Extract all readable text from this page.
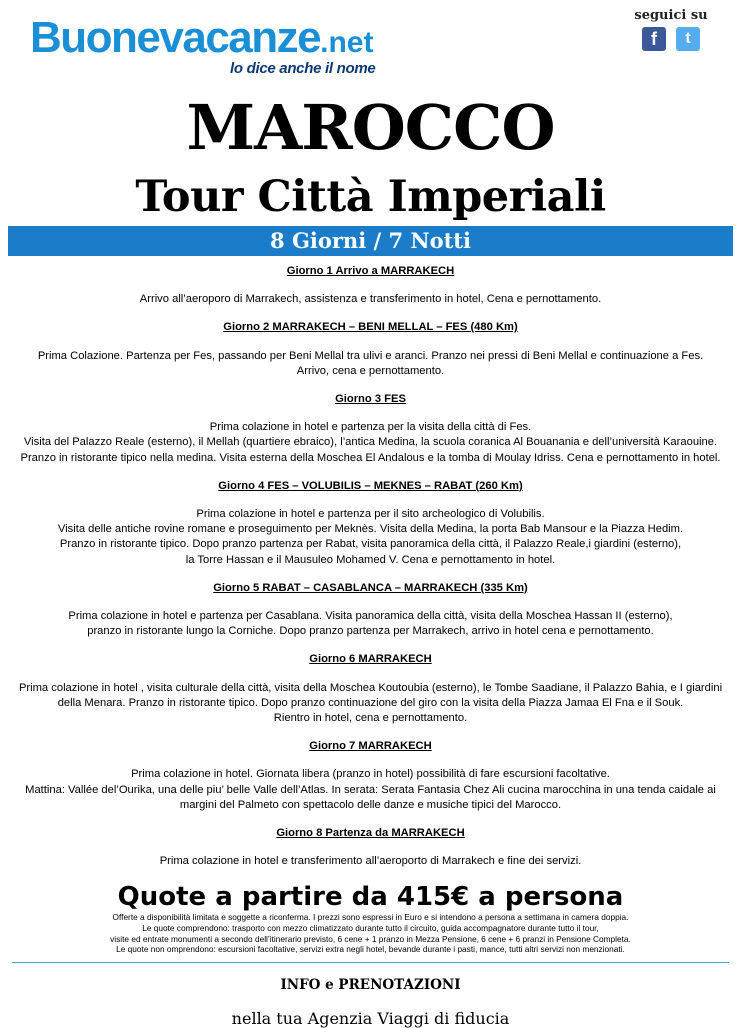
Buonevacanze.net
lo dice anche il nome
seguici su
f	t
MAROCCO
Tour Città Imperiali
8 Giorni / 7 Notti
Giorno 1 Arrivo a MARRAKECH
Arrivo all’aeroporo di Marrakech, assistenza e transferimento in hotel, Cena e pernottamento.
Giorno 2 MARRAKECH – BENI MELLAL – FES (480 Km)
Prima Colazione. Partenza per Fes, passando per Beni Mellal tra ulivi e aranci. Pranzo nei pressi di Beni Mellal e continuazione a Fes.
Arrivo, cena e pernottamento.
Giorno 3 FES
Prima colazione in hotel e partenza per la visita della città di Fes.
Visita del Palazzo Reale (esterno), il Mellah (quartiere ebraico), l’antica Medina, la scuola coranica Al Bouanania e dell’università Karaouine.
Pranzo in ristorante tipico nella medina. Visita esterna della Moschea El Andalous e la tomba di Moulay Idriss. Cena e pernottamento in hotel.
Giorno 4 FES – VOLUBILIS – MEKNES – RABAT (260 Km)
Prima colazione in hotel e partenza per il sito archeologico di Volubilis.
Visita delle antiche rovine romane e proseguimento per Meknès. Visita della Medina, la porta Bab Mansour e la Piazza Hedim.
Pranzo in ristorante tipico. Dopo pranzo partenza per Rabat, visita panoramica della città, il Palazzo Reale,i giardini (esterno),
la Torre Hassan e il Mausuleo Mohamed V. Cena e pernottamento in hotel.
Giorno 5 RABAT – CASABLANCA – MARRAKECH (335 Km)
Prima colazione in hotel e partenza per Casablana. Visita panoramica della città, visita della Moschea Hassan II (esterno),
pranzo in ristorante lungo la Corniche. Dopo pranzo partenza per Marrakech, arrivo in hotel cena e pernottamento.
Giorno 6 MARRAKECH
Prima colazione in hotel , visita culturale della città, visita della Moschea Koutoubia (esterno), le Tombe Saadiane, il Palazzo Bahia, e I giardini
della Menara. Pranzo in ristorante tipico. Dopo pranzo continuazione del giro con la visita della Piazza Jamaa El Fna e il Souk.
Rientro in hotel, cena e pernottamento.
Giorno 7 MARRAKECH
Prima colazione in hotel. Giornata libera (pranzo in hotel) possibilità di fare escursioni facoltative.
Mattina: Vallée del’Ourika, una delle piu’ belle Valle dell’Atlas. In serata: Serata Fantasia Chez Ali cucina marocchina in una tenda caidale ai
margini del Palmeto con spettacolo delle danze e musiche tipici del Marocco.
Giorno 8 Partenza da MARRAKECH
Prima colazione in hotel e transferimento all’aeroporto di Marrakech e fine dei servizi.
Quote a partire da 415€ a persona
Offerte a disponibilità limitata e soggette a riconferma. I prezzi sono espressi in Euro e si intendono a persona a settimana in camera doppia.
Le quote comprendono: trasporto con mezzo climatizzato durante tutto il circuito, guida accompagnatore durante tutto il tour,
visite ed entrate monumenti a secondo dell’itinerario previsto, 6 cene + 1 pranzo in Mezza Pensione, 6 cene + 6 pranzi in Pensione Completa.
Le quote non omprendono: escursioni facoltative, servizi extra negli hotel, bevande durante i pasti, mance, tutti altri servizi non menzionati.
INFO e PRENOTAZIONI
nella tua Agenzia Viaggi di fiducia
